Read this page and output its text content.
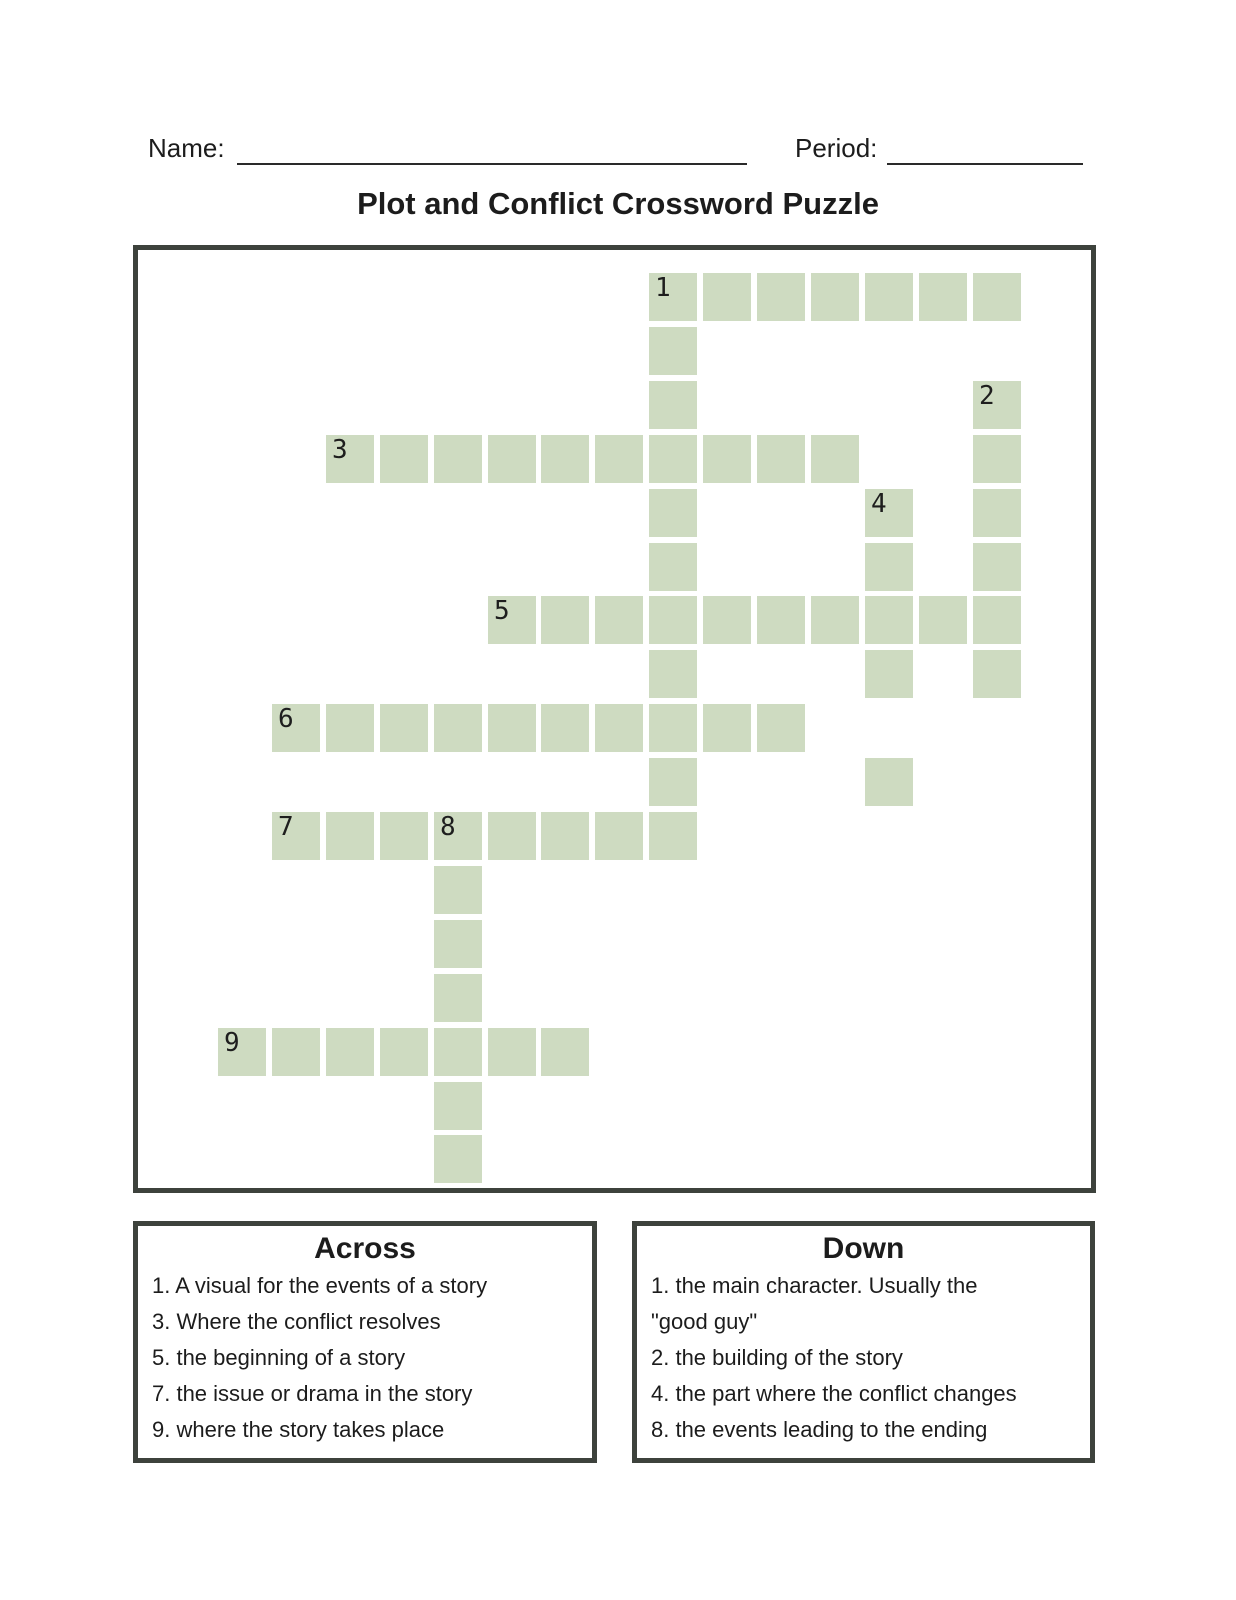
Name:	Period:
Plot and Conflict Crossword Puzzle
Across

1. A visual for the events of a story

3. Where the conflict resolves

5. the beginning of a story

7. the issue or drama in the story

9. where the story takes place

Down

1. the main character. Usually the
"good guy"

2. the building of the story

4. the part where the conflict changes

8. the events leading to the ending

1
2
3
4
5
6
7	8
9
